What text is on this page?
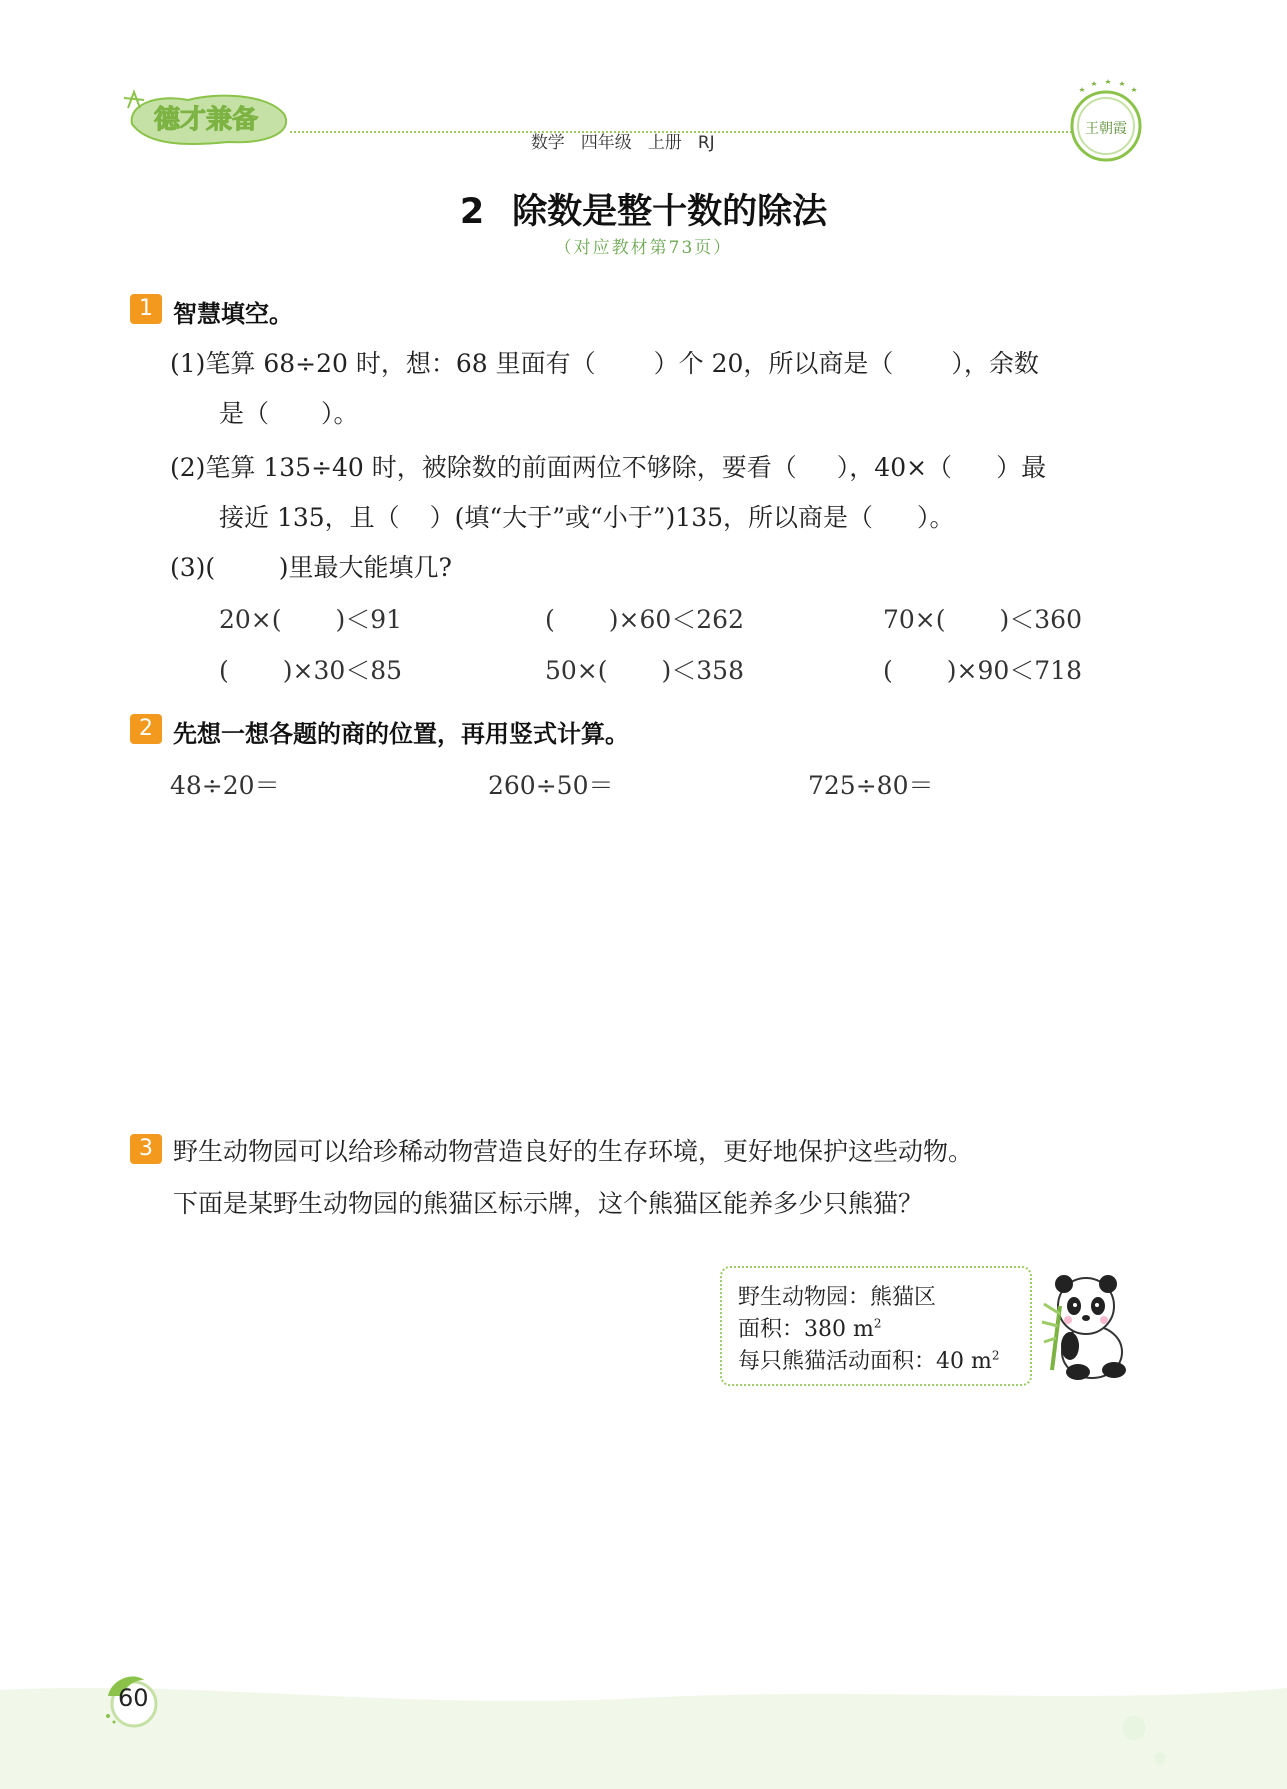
德才兼备

数学 四年级 上册 RJ

王朝霞
2 除数是整十数的除法
（对应教材第73页）
1 智慧填空。
(1)笔算 68÷20 时，想：68 里面有（ ）个 20，所以商是（ ），余数
是（ ）。
(2)笔算 135÷40 时，被除数的前面两位不够除，要看（ ），40×（ ）最
接近 135，且（ ）(填“大于”或“小于”)135，所以商是（ ）。
(3)(        )里最大能填几?
20×( )＜91	( )×60＜262	70×( )＜360
( )×30＜85	50×( )＜358	( )×90＜718
2 先想一想各题的商的位置，再用竖式计算。
48÷20＝	260÷50＝	725÷80＝
3 野生动物园可以给珍稀动物营造良好的生存环境，更好地保护这些动物。
下面是某野生动物园的熊猫区标示牌，这个熊猫区能养多少只熊猫？
野生动物园：熊猫区
面积：380 $m^2$
每只熊猫活动面积：40 $m^2$
60
